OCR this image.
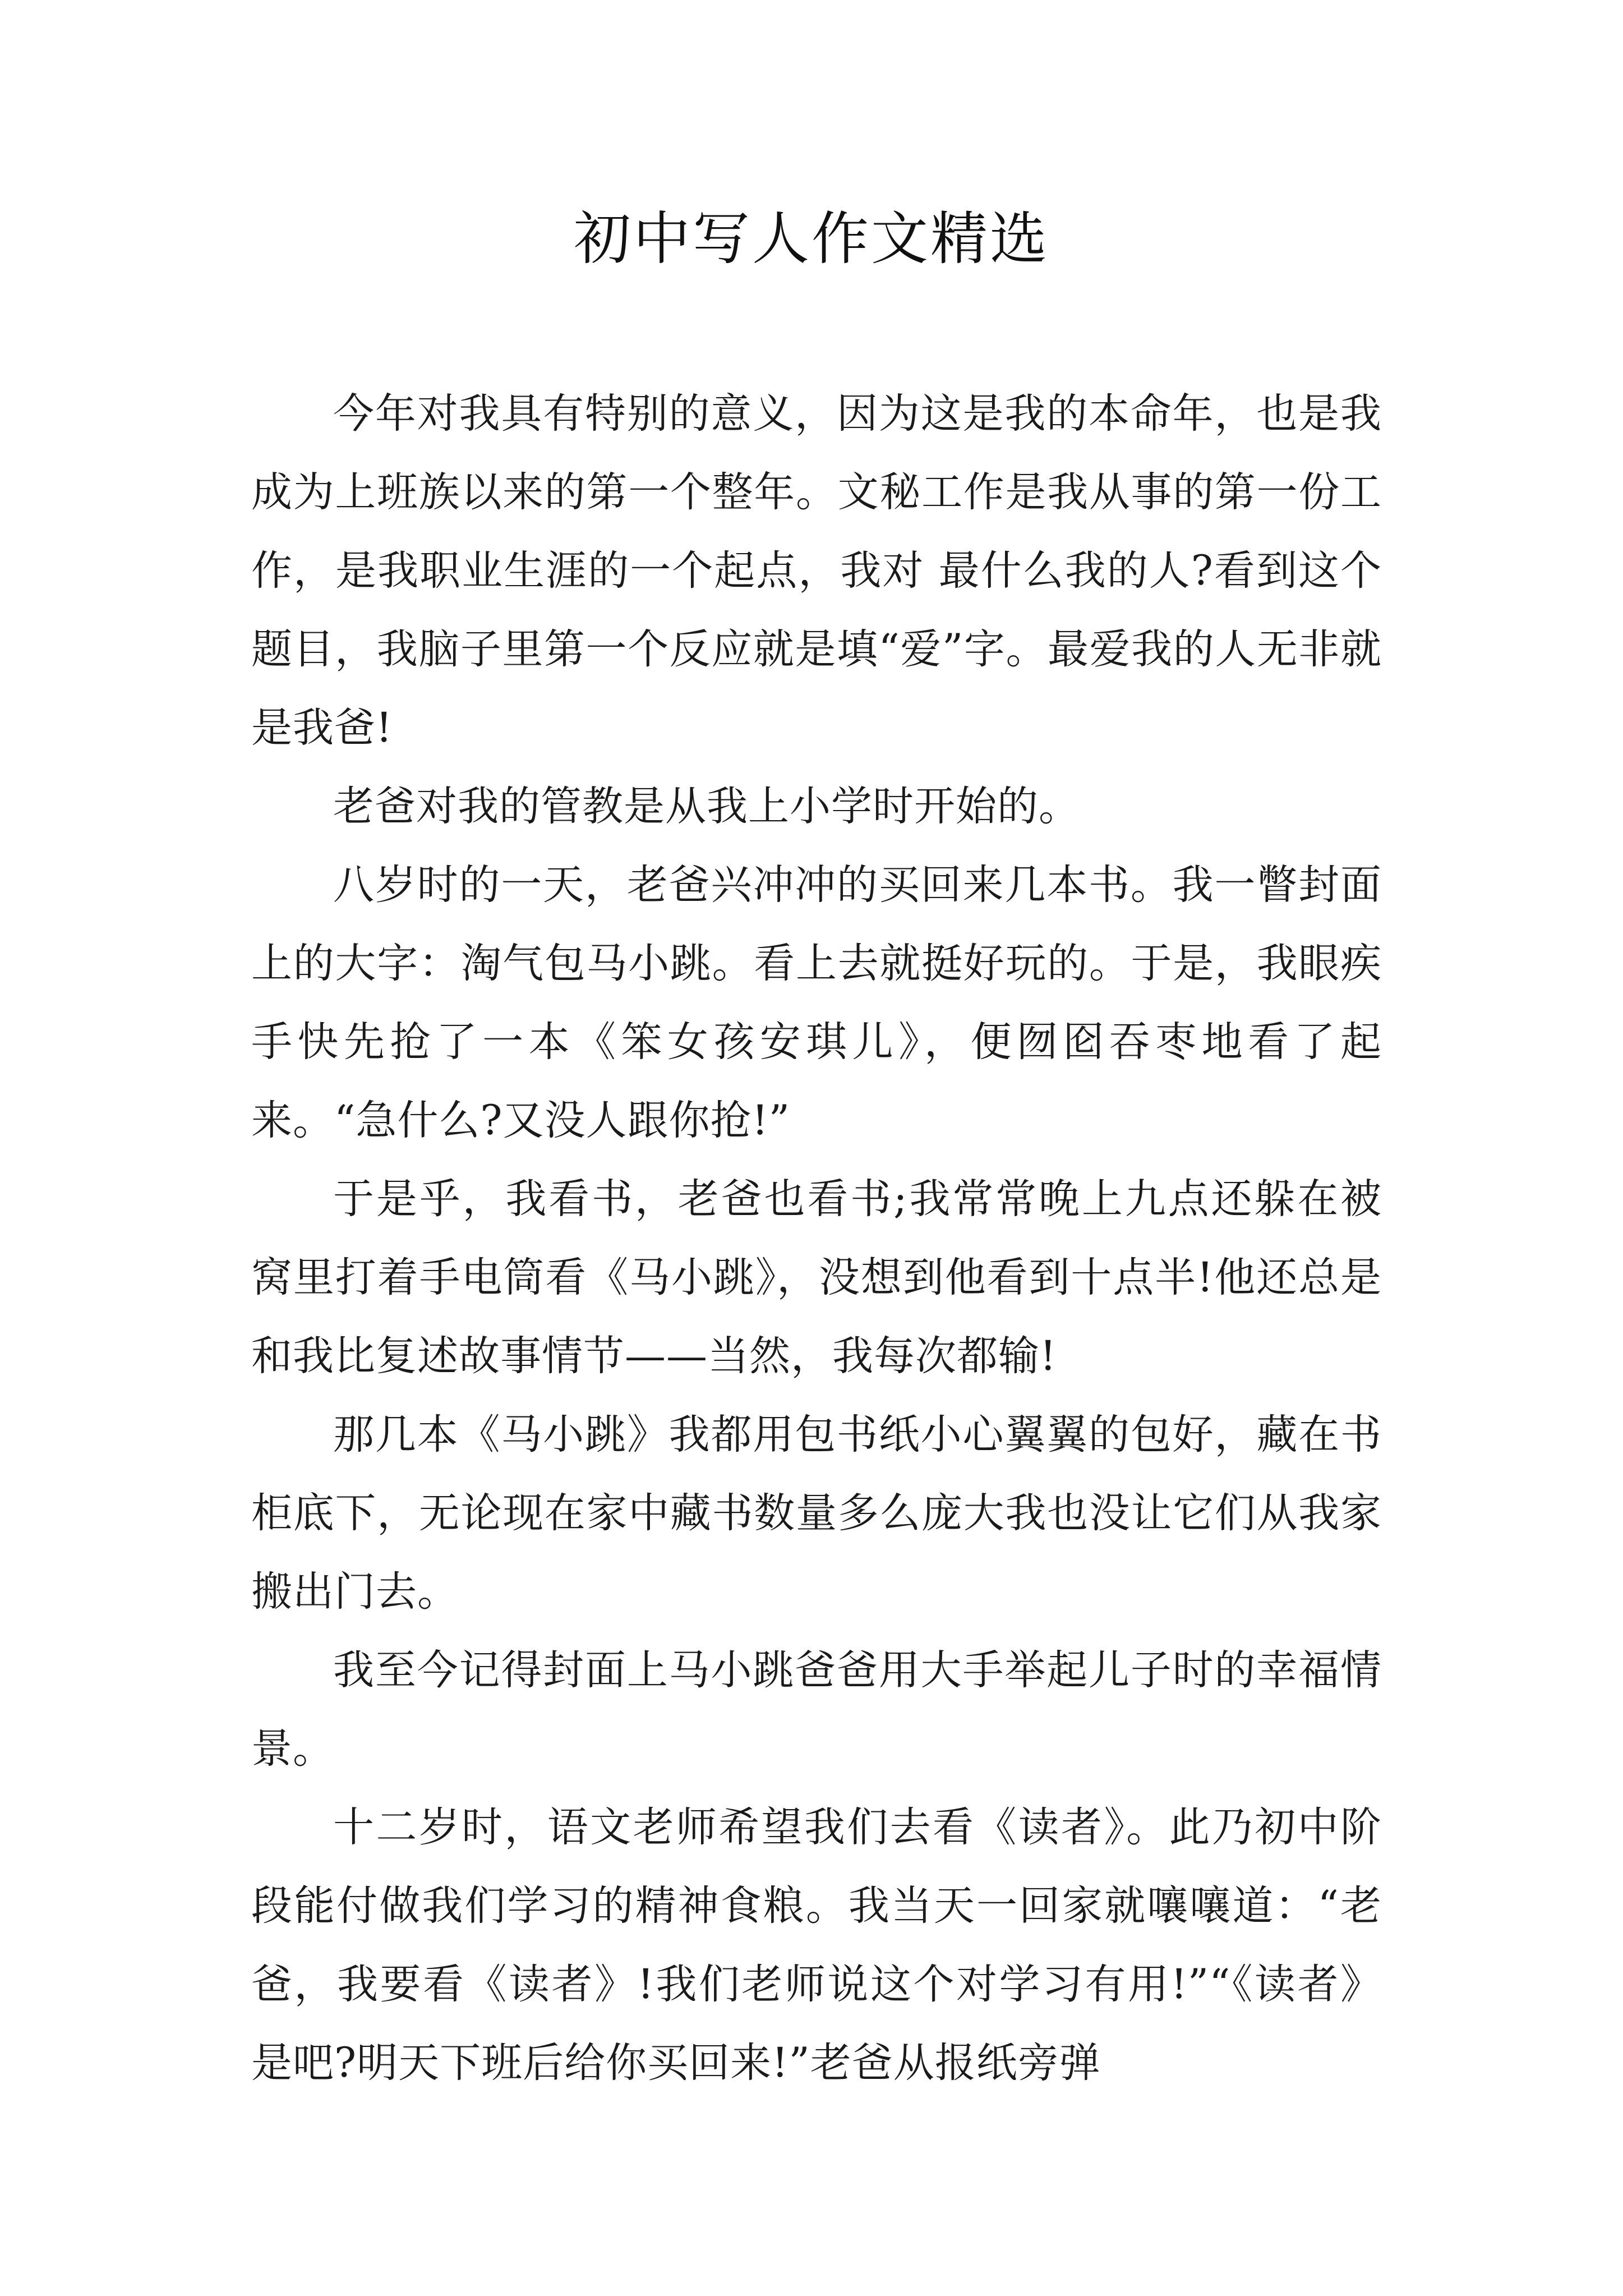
初中写人作文精选

今年对我具有特别的意义，因为这是我的本命年，也是我成为上班族以来的第一个整年。文秘工作是我从事的第一份工作，是我职业生涯的一个起点，我对 最什么我的人?看到这个题目，我脑子里第一个反应就是填“爱”字。最爱我的人无非就是我爸!

老爸对我的管教是从我上小学时开始的。

八岁时的一天，老爸兴冲冲的买回来几本书。我一瞥封面上的大字：淘气包马小跳。看上去就挺好玩的。于是，我眼疾手快先抢了一本《笨女孩安琪儿》，便囫囵吞枣地看了起来。“急什么?又没人跟你抢!”

于是乎，我看书，老爸也看书;我常常晚上九点还躲在被窝里打着手电筒看《马小跳》，没想到他看到十点半!他还总是和我比复述故事情节——当然，我每次都输!

那几本《马小跳》我都用包书纸小心翼翼的包好，藏在书柜底下，无论现在家中藏书数量多么庞大我也没让它们从我家搬出门去。

我至今记得封面上马小跳爸爸用大手举起儿子时的幸福情景。

十二岁时，语文老师希望我们去看《读者》。此乃初中阶段能付做我们学习的精神食粮。我当天一回家就嚷嚷道：“老爸，我要看《读者》!我们老师说这个对学习有用!”“《读者》是吧?明天下班后给你买回来!”老爸从报纸旁弹
